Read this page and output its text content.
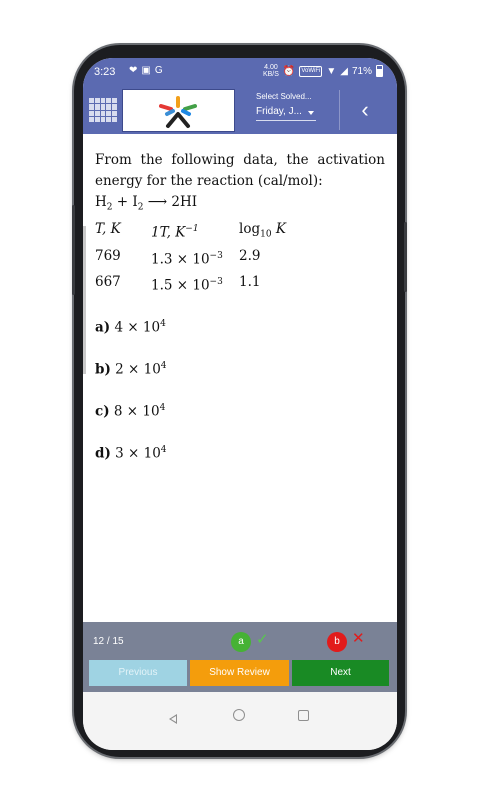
3:23 ❤ ▣ G	4.00
KB/S ⏰	VoWiFi ▼ ◢ 71%
Select Solved...
Friday, J...	‹

From the following data, the activation energy for the reaction (cal/mol):

$H_2 + I_2$ ⟶ 2HI
T, K	1T, $K^{-1}$	$\log_{10} K$
769	$1.3 \times 10^{-3}$	2.9
667	$1.5 \times 10^{-3}$	1.1
a) $4 \times 10^4$
b) $2 \times 10^4$
c) $8 \times 10^4$
d) $3 \times 10^4$
12 / 15	a ✓	b ✕
Previous	Show Review	Next
